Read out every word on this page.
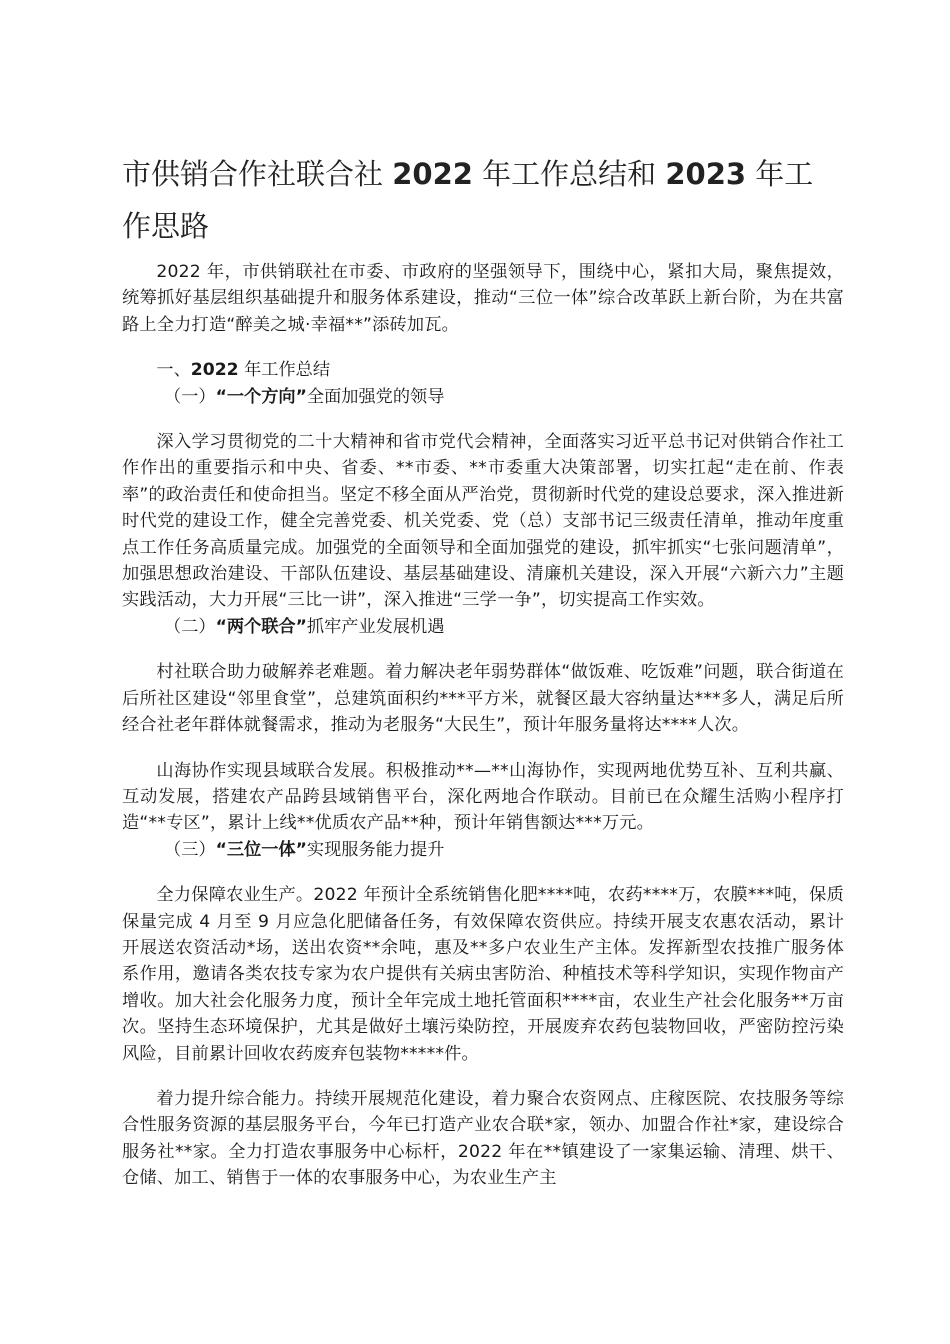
市供销合作社联合社 2022 年工作总结和 2023 年工作思路

2022 年，市供销联社在市委、市政府的坚强领导下，围绕中心，紧扣大局，聚焦提效，统筹抓好基层组织基础提升和服务体系建设，推动“三位一体”综合改革跃上新台阶，为在共富路上全力打造“醉美之城·幸福**”添砖加瓦。

一、2022 年工作总结

（一）“一个方向”全面加强党的领导

深入学习贯彻党的二十大精神和省市党代会精神，全面落实习近平总书记对供销合作社工作作出的重要指示和中央、省委、**市委、**市委重大决策部署，切实扛起“走在前、作表率”的政治责任和使命担当。坚定不移全面从严治党，贯彻新时代党的建设总要求，深入推进新时代党的建设工作，健全完善党委、机关党委、党（总）支部书记三级责任清单，推动年度重点工作任务高质量完成。加强党的全面领导和全面加强党的建设，抓牢抓实“七张问题清单”，加强思想政治建设、干部队伍建设、基层基础建设、清廉机关建设，深入开展“六新六力”主题实践活动，大力开展“三比一讲”，深入推进“三学一争”，切实提高工作实效。

（二）“两个联合”抓牢产业发展机遇

村社联合助力破解养老难题。着力解决老年弱势群体“做饭难、吃饭难”问题，联合街道在后所社区建设“邻里食堂”，总建筑面积约***平方米，就餐区最大容纳量达***多人，满足后所经合社老年群体就餐需求，推动为老服务“大民生”，预计年服务量将达****人次。

山海协作实现县域联合发展。积极推动**—**山海协作，实现两地优势互补、互利共赢、互动发展，搭建农产品跨县域销售平台，深化两地合作联动。目前已在众耀生活购小程序打造“**专区”，累计上线**优质农产品**种，预计年销售额达***万元。

（三）“三位一体”实现服务能力提升

全力保障农业生产。2022 年预计全系统销售化肥****吨，农药****万，农膜***吨，保质保量完成 4 月至 9 月应急化肥储备任务，有效保障农资供应。持续开展支农惠农活动，累计开展送农资活动*场，送出农资**余吨，惠及**多户农业生产主体。发挥新型农技推广服务体系作用，邀请各类农技专家为农户提供有关病虫害防治、种植技术等科学知识，实现作物亩产增收。加大社会化服务力度，预计全年完成土地托管面积****亩，农业生产社会化服务**万亩次。坚持生态环境保护，尤其是做好土壤污染防控，开展废弃农药包装物回收，严密防控污染风险，目前累计回收农药废弃包装物*****件。

着力提升综合能力。持续开展规范化建设，着力聚合农资网点、庄稼医院、农技服务等综合性服务资源的基层服务平台，今年已打造产业农合联*家，领办、加盟合作社*家，建设综合服务社**家。全力打造农事服务中心标杆，2022 年在**镇建设了一家集运输、清理、烘干、仓储、加工、销售于一体的农事服务中心，为农业生产主
